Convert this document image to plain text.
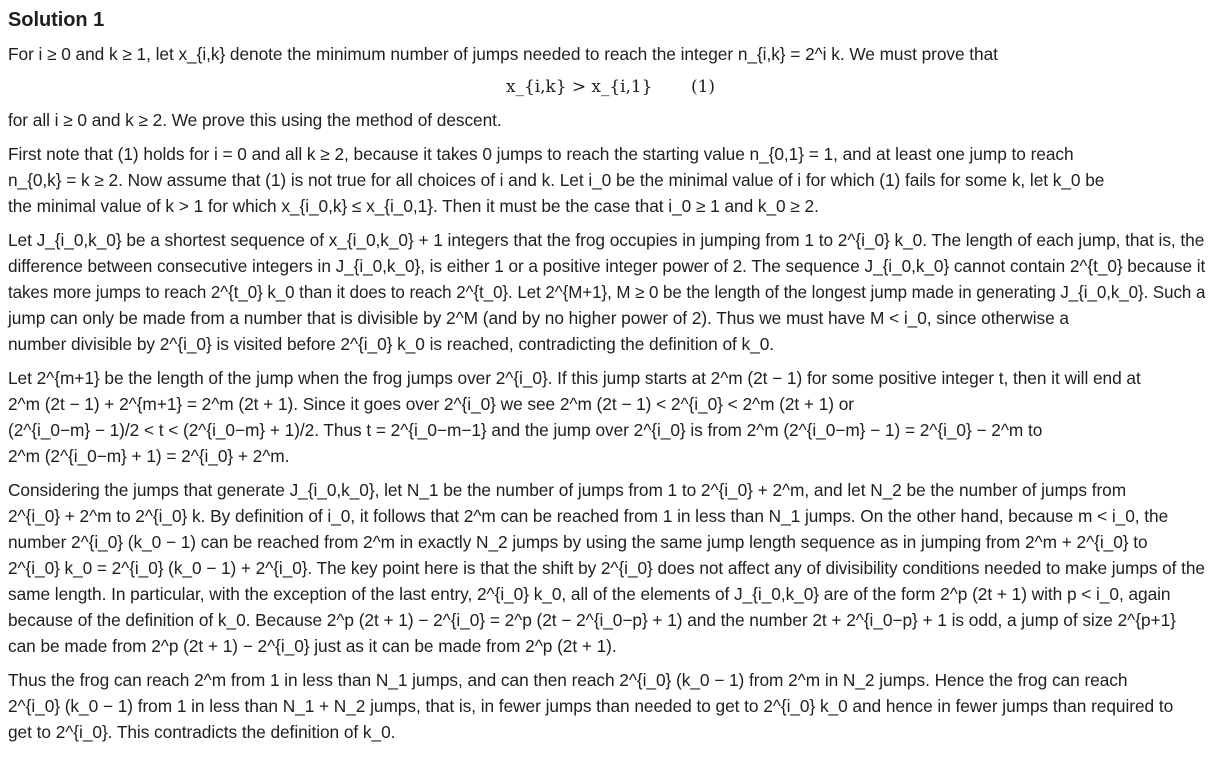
Solution 1

For i ≥ 0 and k ≥ 1, let x_{i,k} denote the minimum number of jumps needed to reach the integer n_{i,k} = 2^i k. We must prove that

x_{i,k} > x_{i,1} (1)

for all i ≥ 0 and k ≥ 2. We prove this using the method of descent.

First note that (1) holds for i = 0 and all k ≥ 2, because it takes 0 jumps to reach the starting value n_{0,1} = 1, and at least one jump to reach
n_{0,k} = k ≥ 2. Now assume that (1) is not true for all choices of i and k. Let i_0 be the minimal value of i for which (1) fails for some k, let k_0 be
the minimal value of k > 1 for which x_{i_0,k} ≤ x_{i_0,1}. Then it must be the case that i_0 ≥ 1 and k_0 ≥ 2.

Let J_{i_0,k_0} be a shortest sequence of x_{i_0,k_0} + 1 integers that the frog occupies in jumping from 1 to 2^{i_0} k_0. The length of each jump, that is, the
difference between consecutive integers in J_{i_0,k_0}, is either 1 or a positive integer power of 2. The sequence J_{i_0,k_0} cannot contain 2^{t_0} because it
takes more jumps to reach 2^{t_0} k_0 than it does to reach 2^{t_0}. Let 2^{M+1}, M ≥ 0 be the length of the longest jump made in generating J_{i_0,k_0}. Such a
jump can only be made from a number that is divisible by 2^M (and by no higher power of 2). Thus we must have M < i_0, since otherwise a
number divisible by 2^{i_0} is visited before 2^{i_0} k_0 is reached, contradicting the definition of k_0.

Let 2^{m+1} be the length of the jump when the frog jumps over 2^{i_0}. If this jump starts at 2^m (2t − 1) for some positive integer t, then it will end at
2^m (2t − 1) + 2^{m+1} = 2^m (2t + 1). Since it goes over 2^{i_0} we see 2^m (2t − 1) < 2^{i_0} < 2^m (2t + 1) or
(2^{i_0−m} − 1)/2 < t < (2^{i_0−m} + 1)/2. Thus t = 2^{i_0−m−1} and the jump over 2^{i_0} is from 2^m (2^{i_0−m} − 1) = 2^{i_0} − 2^m to
2^m (2^{i_0−m} + 1) = 2^{i_0} + 2^m.

Considering the jumps that generate J_{i_0,k_0}, let N_1 be the number of jumps from 1 to 2^{i_0} + 2^m, and let N_2 be the number of jumps from
2^{i_0} + 2^m to 2^{i_0} k. By definition of i_0, it follows that 2^m can be reached from 1 in less than N_1 jumps. On the other hand, because m < i_0, the
number 2^{i_0} (k_0 − 1) can be reached from 2^m in exactly N_2 jumps by using the same jump length sequence as in jumping from 2^m + 2^{i_0} to
2^{i_0} k_0 = 2^{i_0} (k_0 − 1) + 2^{i_0}. The key point here is that the shift by 2^{i_0} does not affect any of divisibility conditions needed to make jumps of the
same length. In particular, with the exception of the last entry, 2^{i_0} k_0, all of the elements of J_{i_0,k_0} are of the form 2^p (2t + 1) with p < i_0, again
because of the definition of k_0. Because 2^p (2t + 1) − 2^{i_0} = 2^p (2t − 2^{i_0−p} + 1) and the number 2t + 2^{i_0−p} + 1 is odd, a jump of size 2^{p+1}
can be made from 2^p (2t + 1) − 2^{i_0} just as it can be made from 2^p (2t + 1).

Thus the frog can reach 2^m from 1 in less than N_1 jumps, and can then reach 2^{i_0} (k_0 − 1) from 2^m in N_2 jumps. Hence the frog can reach
2^{i_0} (k_0 − 1) from 1 in less than N_1 + N_2 jumps, that is, in fewer jumps than needed to get to 2^{i_0} k_0 and hence in fewer jumps than required to
get to 2^{i_0}. This contradicts the definition of k_0.
